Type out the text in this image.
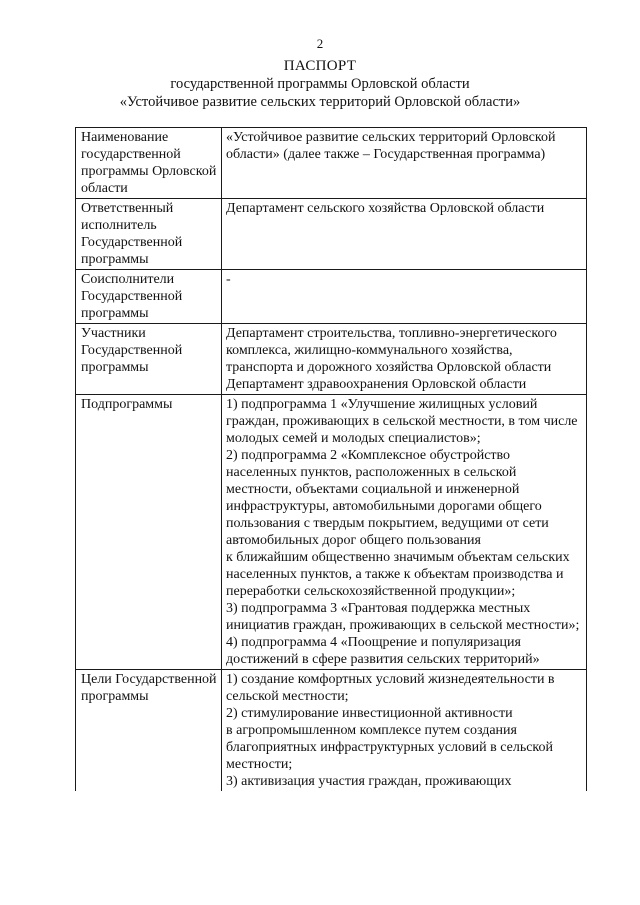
2
ПАСПОРТ
государственной программы Орловской области
«Устойчивое развитие сельских территорий Орловской области»
Наименование государственной программы Орловской области	«Устойчивое развитие сельских территорий Орловской области» (далее также – Государственная программа)

Ответственный исполнитель Государственной программы	Департамент сельского хозяйства Орловской области

Соисполнители Государственной программы	-

Участники Государственной программы	Департамент строительства, топливно-энергетического комплекса, жилищно-коммунального хозяйства, транспорта и дорожного хозяйства Орловской области
Департамент здравоохранения Орловской области

Подпрограммы	1) подпрограмма 1 «Улучшение жилищных условий граждан, проживающих в сельской местности, в том числе молодых семей и молодых специалистов»;
2) подпрограмма 2 «Комплексное обустройство населенных пунктов, расположенных в сельской местности, объектами социальной и инженерной инфраструктуры, автомобильными дорогами общего пользования с твердым покрытием, ведущими от сети автомобильных дорог общего пользования
к ближайшим общественно значимым объектам сельских населенных пунктов, а также к объектам производства и переработки сельскохозяйственной продукции»;
3) подпрограмма 3 «Грантовая поддержка местных инициатив граждан, проживающих в сельской местности»;
4) подпрограмма 4 «Поощрение и популяризация достижений в сфере развития сельских территорий»

Цели Государственной программы	1) создание комфортных условий жизнедеятельности в сельской местности;
2) стимулирование инвестиционной активности
в агропромышленном комплексе путем создания благоприятных инфраструктурных условий в сельской местности;
3) активизация участия граждан, проживающих
